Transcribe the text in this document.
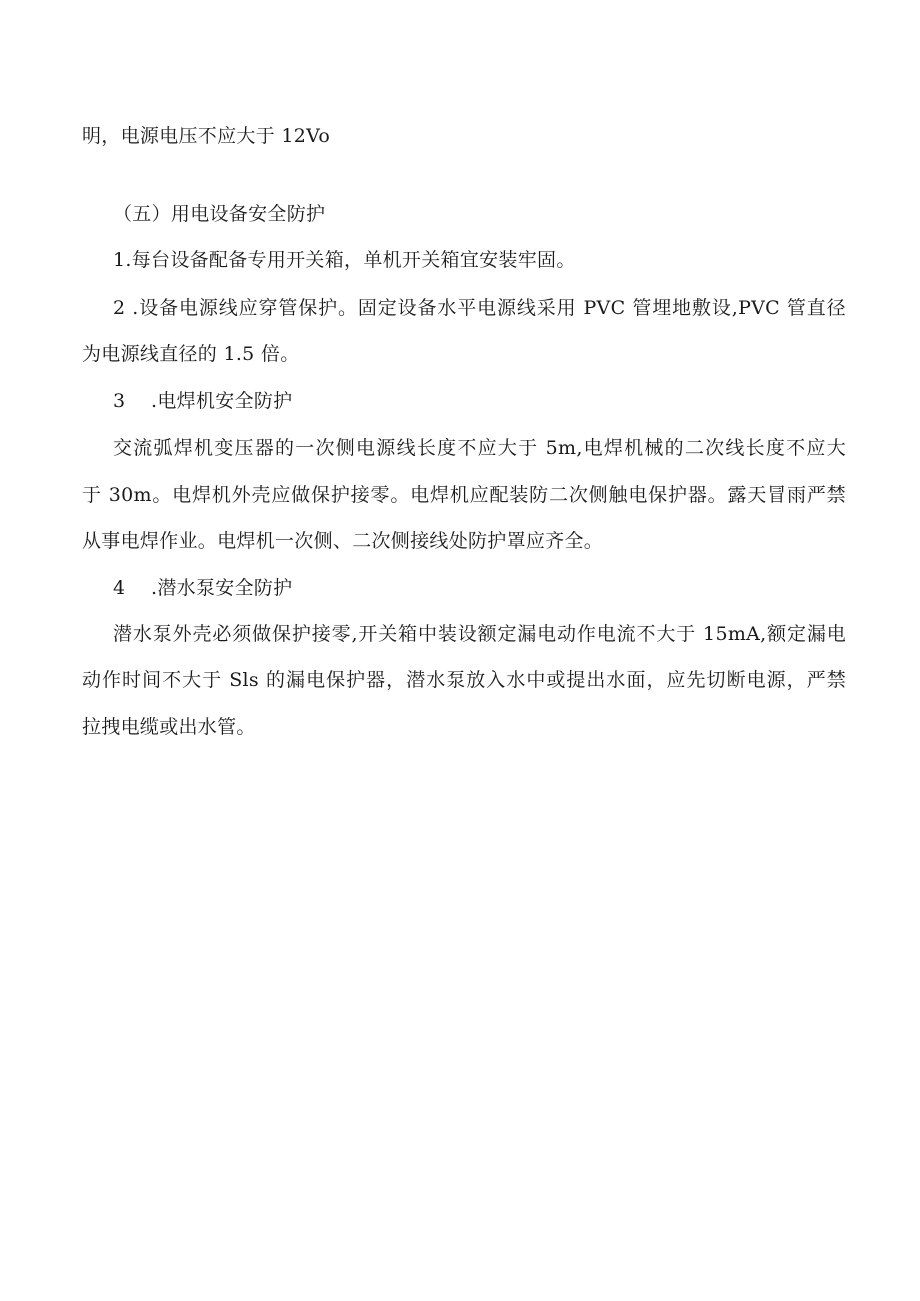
明，电源电压不应大于 12Vo
（五）用电设备安全防护
1.每台设备配备专用开关箱，单机开关箱宜安装牢固。
2 .设备电源线应穿管保护。固定设备水平电源线采用 PVC 管埋地敷设,PVC 管直径
为电源线直径的 1.5 倍。
3　 .电焊机安全防护
交流弧焊机变压器的一次侧电源线长度不应大于 5m,电焊机械的二次线长度不应大
于 30m。电焊机外壳应做保护接零。电焊机应配装防二次侧触电保护器。露天冒雨严禁
从事电焊作业。电焊机一次侧、二次侧接线处防护罩应齐全。
4　 .潜水泵安全防护
潜水泵外壳必须做保护接零,开关箱中装设额定漏电动作电流不大于 15mA,额定漏电
动作时间不大于 Sls 的漏电保护器，潜水泵放入水中或提出水面，应先切断电源，严禁
拉拽电缆或出水管。
